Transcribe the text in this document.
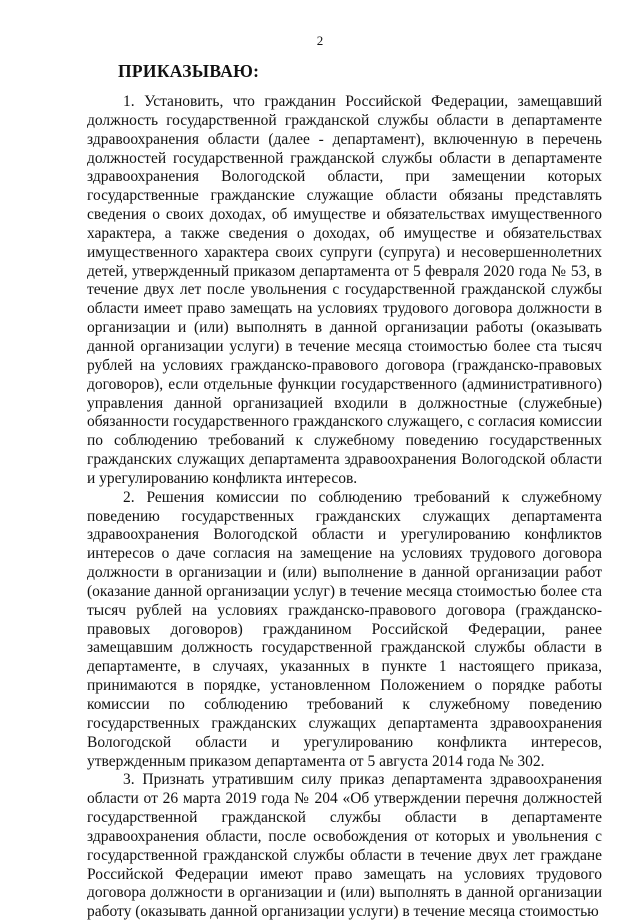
2
ПРИКАЗЫВАЮ:

1. Установить, что гражданин Российской Федерации, замещавший должность государственной гражданской службы области в департаменте здравоохранения области (далее - департамент), включенную в перечень должностей государственной гражданской службы области в департаменте здравоохранения Вологодской области, при замещении которых государственные гражданские служащие области обязаны представлять сведения о своих доходах, об имуществе и обязательствах имущественного характера, а также сведения о доходах, об имуществе и обязательствах имущественного характера своих супруги (супруга) и несовершеннолетних детей, утвержденный приказом департамента от 5 февраля 2020 года № 53, в течение двух лет после увольнения с государственной гражданской службы области имеет право замещать на условиях трудового договора должности в организации и (или) выполнять в данной организации работы (оказывать данной организации услуги) в течение месяца стоимостью более ста тысяч рублей на условиях гражданско-правового договора (гражданско-правовых договоров), если отдельные функции государственного (административного) управления данной организацией входили в должностные (служебные) обязанности государственного гражданского служащего, с согласия комиссии по соблюдению требований к служебному поведению государственных гражданских служащих департамента здравоохранения Вологодской области и урегулированию конфликта интересов.

2. Решения комиссии по соблюдению требований к служебному поведению государственных гражданских служащих департамента здравоохранения Вологодской области и урегулированию конфликтов интересов о даче согласия на замещение на условиях трудового договора должности в организации и (или) выполнение в данной организации работ (оказание данной организации услуг) в течение месяца стоимостью более ста тысяч рублей на условиях гражданско-правового договора (гражданско-правовых договоров) гражданином Российской Федерации, ранее замещавшим должность государственной гражданской службы области в департаменте, в случаях, указанных в пункте 1 настоящего приказа, принимаются в порядке, установленном Положением о порядке работы комиссии по соблюдению требований к служебному поведению государственных гражданских служащих департамента здравоохранения Вологодской области и урегулированию конфликта интересов, утвержденным приказом департамента от 5 августа 2014 года № 302.

3. Признать утратившим силу приказ департамента здравоохранения области от 26 марта 2019 года № 204 «Об утверждении перечня должностей государственной гражданской службы области в департаменте здравоохранения области, после освобождения от которых и увольнения с государственной гражданской службы области в течение двух лет граждане Российской Федерации имеют право замещать на условиях трудового договора должности в организации и (или) выполнять в данной организации работу (оказывать данной организации услуги) в течение месяца стоимостью
